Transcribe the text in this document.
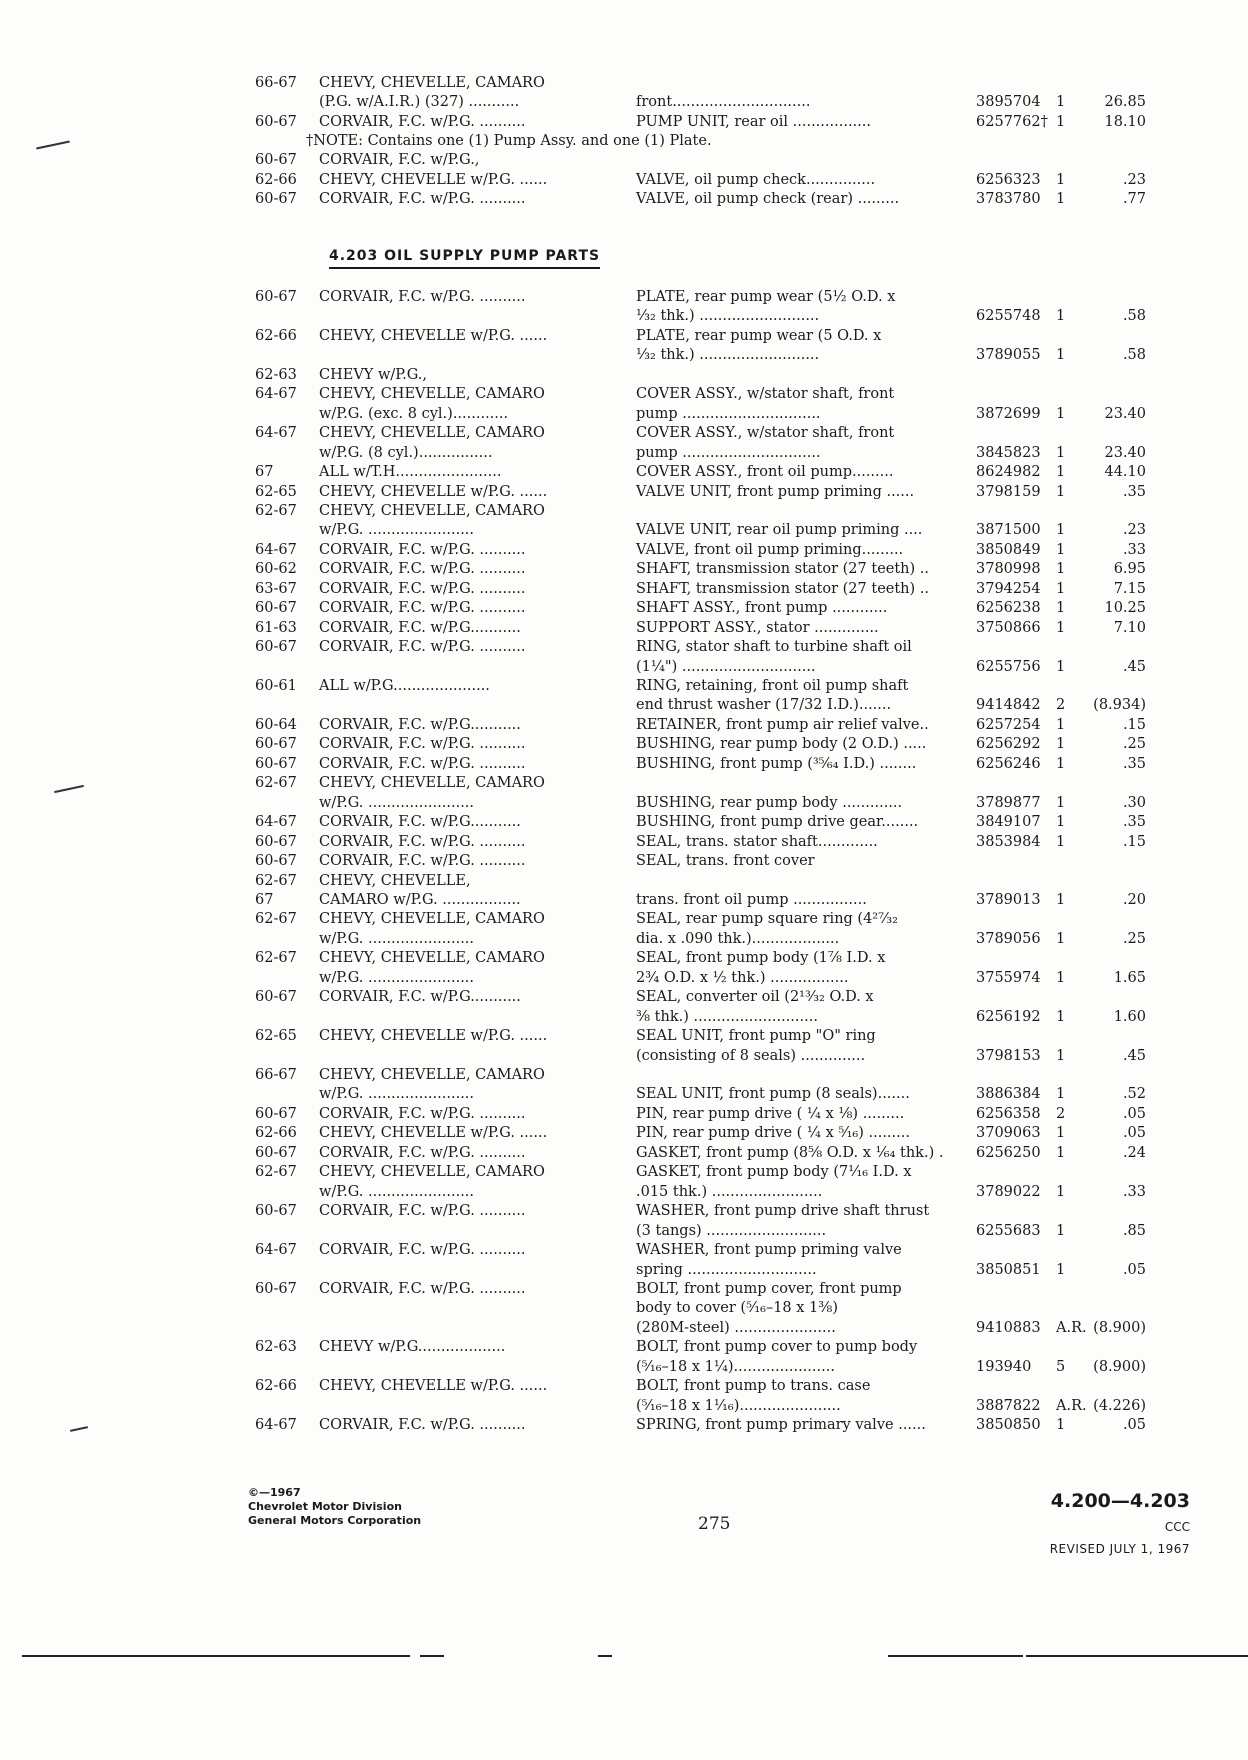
66-67	CHEVY, CHEVELLE, CAMARO
(P.G. w/A.I.R.) (327) ...........	front..............................	3895704	1	26.85
60-67	CORVAIR, F.C. w/P.G. ..........	PUMP UNIT, rear oil .................	6257762† 1	18.10
†NOTE: Contains one (1) Pump Assy. and one (1) Plate.
60-67	CORVAIR, F.C. w/P.G.,
62-66	CHEVY, CHEVELLE w/P.G. ......	VALVE, oil pump check...............	6256323	1	.23
60-67	CORVAIR, F.C. w/P.G. ..........	VALVE, oil pump check (rear) .........	3783780	1	.77
4.203 OIL SUPPLY PUMP PARTS
60-67	CORVAIR, F.C. w/P.G. ..........	PLATE, rear pump wear (5½ O.D. x
⅓₂ thk.) ..........................	6255748	1	.58
62-66	CHEVY, CHEVELLE w/P.G. ......	PLATE, rear pump wear (5 O.D. x
⅓₂ thk.) ..........................	3789055	1	.58
62-63	CHEVY w/P.G.,
64-67	CHEVY, CHEVELLE, CAMARO	COVER ASSY., w/stator shaft, front
w/P.G. (exc. 8 cyl.)............	pump ..............................	3872699	1	23.40
64-67	CHEVY, CHEVELLE, CAMARO	COVER ASSY., w/stator shaft, front
w/P.G. (8 cyl.)................	pump ..............................	3845823	1	23.40
67	ALL w/T.H.......................	COVER ASSY., front oil pump.........	8624982	1	44.10
62-65	CHEVY, CHEVELLE w/P.G. ......	VALVE UNIT, front pump priming ......	3798159	1	.35
62-67	CHEVY, CHEVELLE, CAMARO
w/P.G. .......................	VALVE UNIT, rear oil pump priming ....	3871500	1	.23
64-67	CORVAIR, F.C. w/P.G. ..........	VALVE, front oil pump priming.........	3850849	1	.33
60-62	CORVAIR, F.C. w/P.G. ..........	SHAFT, transmission stator (27 teeth) ..	3780998	1	6.95
63-67	CORVAIR, F.C. w/P.G. ..........	SHAFT, transmission stator (27 teeth) ..	3794254	1	7.15
60-67	CORVAIR, F.C. w/P.G. ..........	SHAFT ASSY., front pump ............	6256238	1	10.25
61-63	CORVAIR, F.C. w/P.G...........	SUPPORT ASSY., stator ..............	3750866	1	7.10
60-67	CORVAIR, F.C. w/P.G. ..........	RING, stator shaft to turbine shaft oil
(1¼") .............................	6255756	1	.45
60-61	ALL w/P.G.....................	RING, retaining, front oil pump shaft
end thrust washer (17/32 I.D.).......	9414842	2	(8.934)
60-64	CORVAIR, F.C. w/P.G...........	RETAINER, front pump air relief valve..	6257254	1	.15
60-67	CORVAIR, F.C. w/P.G. ..........	BUSHING, rear pump body (2 O.D.) .....	6256292	1	.25
60-67	CORVAIR, F.C. w/P.G. ..........	BUSHING, front pump (³⁵⁄₆₄ I.D.) ........	6256246	1	.35
62-67	CHEVY, CHEVELLE, CAMARO
w/P.G. .......................	BUSHING, rear pump body .............	3789877	1	.30
64-67	CORVAIR, F.C. w/P.G...........	BUSHING, front pump drive gear........	3849107	1	.35
60-67	CORVAIR, F.C. w/P.G. ..........	SEAL, trans. stator shaft.............	3853984	1	.15
60-67	CORVAIR, F.C. w/P.G. ..........	SEAL, trans. front cover
62-67	CHEVY, CHEVELLE,
67	CAMARO w/P.G. .................	trans. front oil pump ................	3789013	1	.20
62-67	CHEVY, CHEVELLE, CAMARO	SEAL, rear pump square ring (4²⁷⁄₃₂
w/P.G. .......................	dia. x .090 thk.)...................	3789056	1	.25
62-67	CHEVY, CHEVELLE, CAMARO	SEAL, front pump body (1⅞ I.D. x
w/P.G. .......................	2¾ O.D. x ½ thk.) .................	3755974	1	1.65
60-67	CORVAIR, F.C. w/P.G...........	SEAL, converter oil (2¹³⁄₃₂ O.D. x
⅜ thk.) ...........................	6256192	1	1.60
62-65	CHEVY, CHEVELLE w/P.G. ......	SEAL UNIT, front pump "O" ring
(consisting of 8 seals) ..............	3798153	1	.45
66-67	CHEVY, CHEVELLE, CAMARO
w/P.G. .......................	SEAL UNIT, front pump (8 seals).......	3886384	1	.52
60-67	CORVAIR, F.C. w/P.G. ..........	PIN, rear pump drive ( ¼ x ⅛) .........	6256358	2	.05
62-66	CHEVY, CHEVELLE w/P.G. ......	PIN, rear pump drive ( ¼ x ⁵⁄₁₆) .........	3709063	1	.05
60-67	CORVAIR, F.C. w/P.G. ..........	GASKET, front pump (8⅝ O.D. x ⅟₆₄ thk.) .	6256250	1	.24
62-67	CHEVY, CHEVELLE, CAMARO	GASKET, front pump body (7⅟₁₆ I.D. x
w/P.G. .......................	.015 thk.) ........................	3789022	1	.33
60-67	CORVAIR, F.C. w/P.G. ..........	WASHER, front pump drive shaft thrust
(3 tangs) ..........................	6255683	1	.85
64-67	CORVAIR, F.C. w/P.G. ..........	WASHER, front pump priming valve
spring ............................	3850851	1	.05
60-67	CORVAIR, F.C. w/P.G. ..........	BOLT, front pump cover, front pump
body to cover (⁵⁄₁₆–18 x 1⅜)
(280M-steel) ......................	9410883	A.R. (8.900)
62-63	CHEVY w/P.G...................	BOLT, front pump cover to pump body
(⁵⁄₁₆–18 x 1¼)......................	193940	5	(8.900)
62-66	CHEVY, CHEVELLE w/P.G. ......	BOLT, front pump to trans. case
(⁵⁄₁₆–18 x 1⅟₁₆)......................	3887822	A.R. (4.226)
64-67	CORVAIR, F.C. w/P.G. ..........	SPRING, front pump primary valve ......	3850850	1	.05
©—1967
Chevrolet Motor Division
General Motors Corporation	275
4.200—4.203
CCC
REVISED JULY 1, 1967
